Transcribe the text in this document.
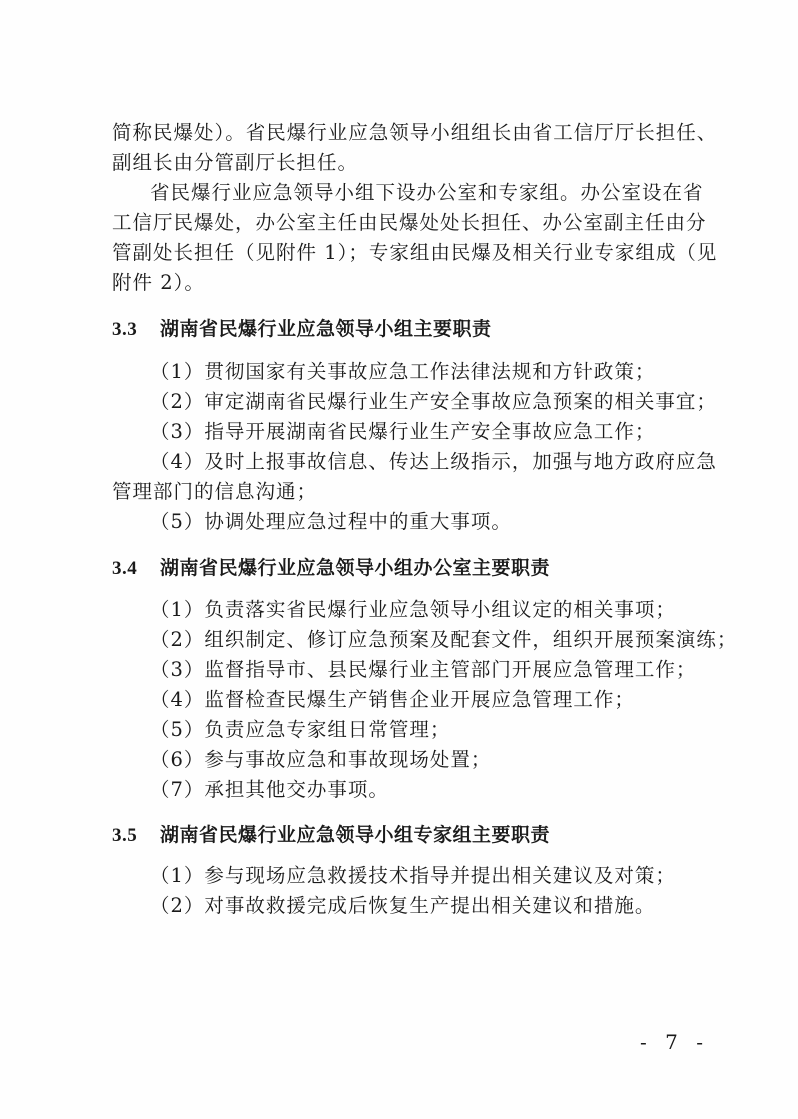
简称民爆处）。省民爆行业应急领导小组组长由省工信厅厅长担任、
副组长由分管副厅长担任。
省民爆行业应急领导小组下设办公室和专家组。办公室设在省
工信厅民爆处，办公室主任由民爆处处长担任、办公室副主任由分
管副处长担任（见附件 1）；专家组由民爆及相关行业专家组成（见
附件 2）。
3.3 湖南省民爆行业应急领导小组主要职责
（1）贯彻国家有关事故应急工作法律法规和方针政策；
（2）审定湖南省民爆行业生产安全事故应急预案的相关事宜；
（3）指导开展湖南省民爆行业生产安全事故应急工作；
（4）及时上报事故信息、传达上级指示，加强与地方政府应急
管理部门的信息沟通；
（5）协调处理应急过程中的重大事项。
3.4 湖南省民爆行业应急领导小组办公室主要职责
（1）负责落实省民爆行业应急领导小组议定的相关事项；
（2）组织制定、修订应急预案及配套文件，组织开展预案演练；
（3）监督指导市、县民爆行业主管部门开展应急管理工作；
（4）监督检查民爆生产销售企业开展应急管理工作；
（5）负责应急专家组日常管理；
（6）参与事故应急和事故现场处置；
（7）承担其他交办事项。
3.5 湖南省民爆行业应急领导小组专家组主要职责
（1）参与现场应急救援技术指导并提出相关建议及对策；
（2）对事故救援完成后恢复生产提出相关建议和措施。
- 7 -
